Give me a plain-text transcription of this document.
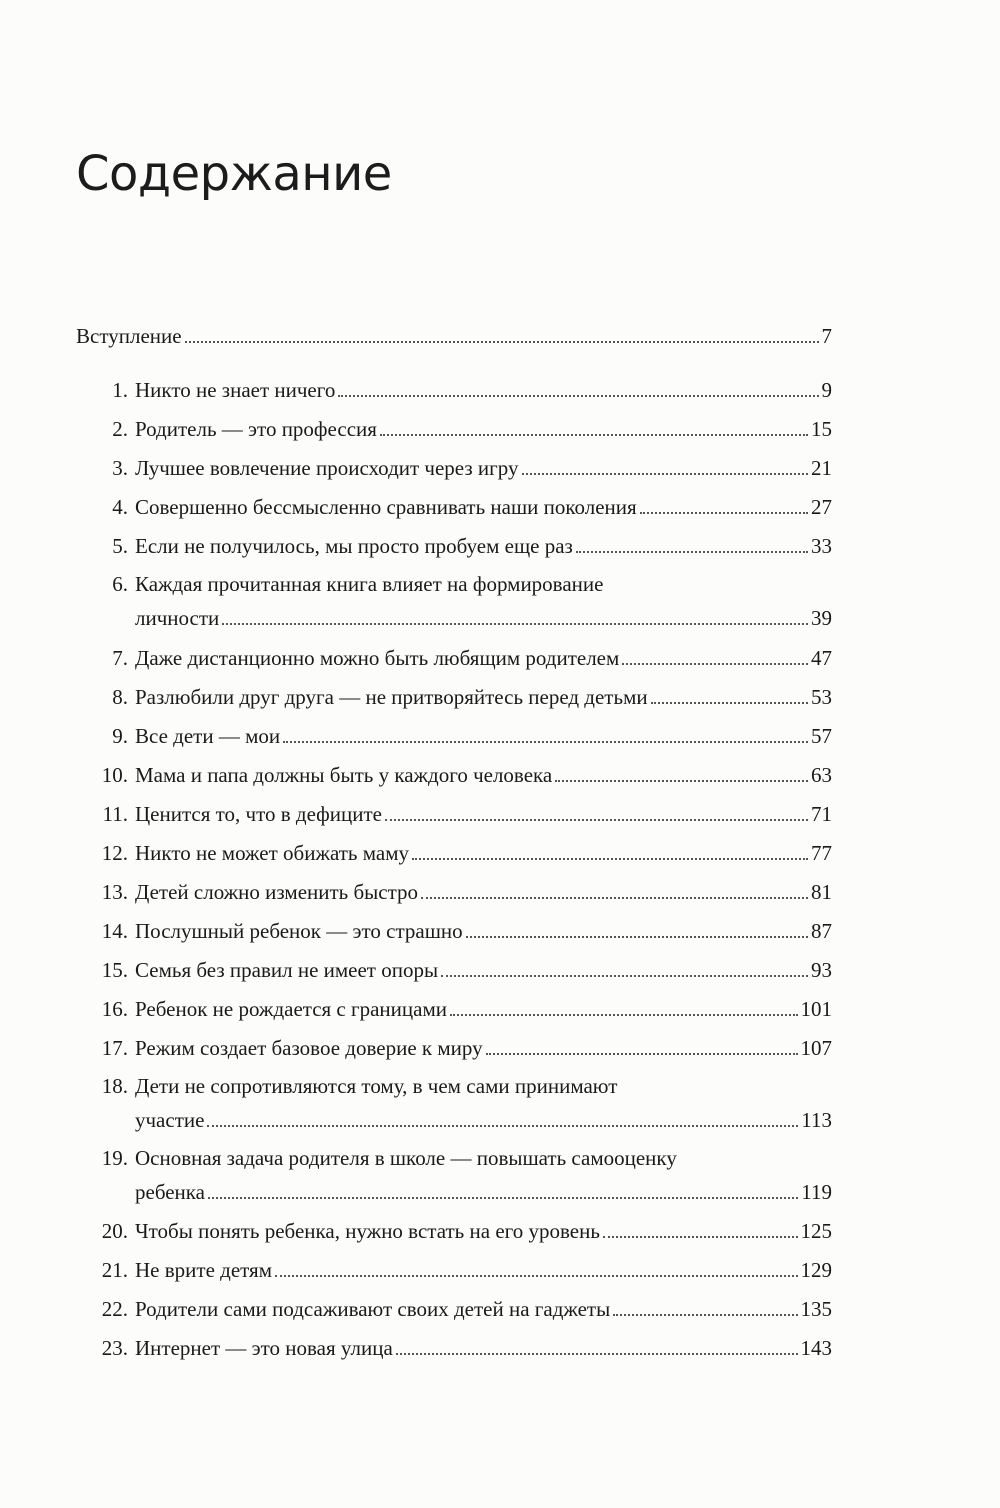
Содержание
Вступление	7
1. Никто не знает ничего	9
2. Родитель — это профессия	15
3. Лучшее вовлечение происходит через игру	21
4. Совершенно бессмысленно сравнивать наши поколения	27
5. Если не получилось, мы просто пробуем еще раз	33
6. Каждая прочитанная книга влияет на формирование
личности	39
7. Даже дистанционно можно быть любящим родителем	47
8. Разлюбили друг друга — не притворяйтесь перед детьми	53
9. Все дети — мои	57
10. Мама и папа должны быть у каждого человека	63
11. Ценится то, что в дефиците	71
12. Никто не может обижать маму	77
13. Детей сложно изменить быстро	81
14. Послушный ребенок — это страшно	87
15. Семья без правил не имеет опоры	93
16. Ребенок не рождается с границами	101
17. Режим создает базовое доверие к миру	107
18. Дети не сопротивляются тому, в чем сами принимают
участие	113
19. Основная задача родителя в школе — повышать самооценку
ребенка	119
20. Чтобы понять ребенка, нужно встать на его уровень	125
21. Не врите детям	129
22. Родители сами подсаживают своих детей на гаджеты	135
23. Интернет — это новая улица	143
